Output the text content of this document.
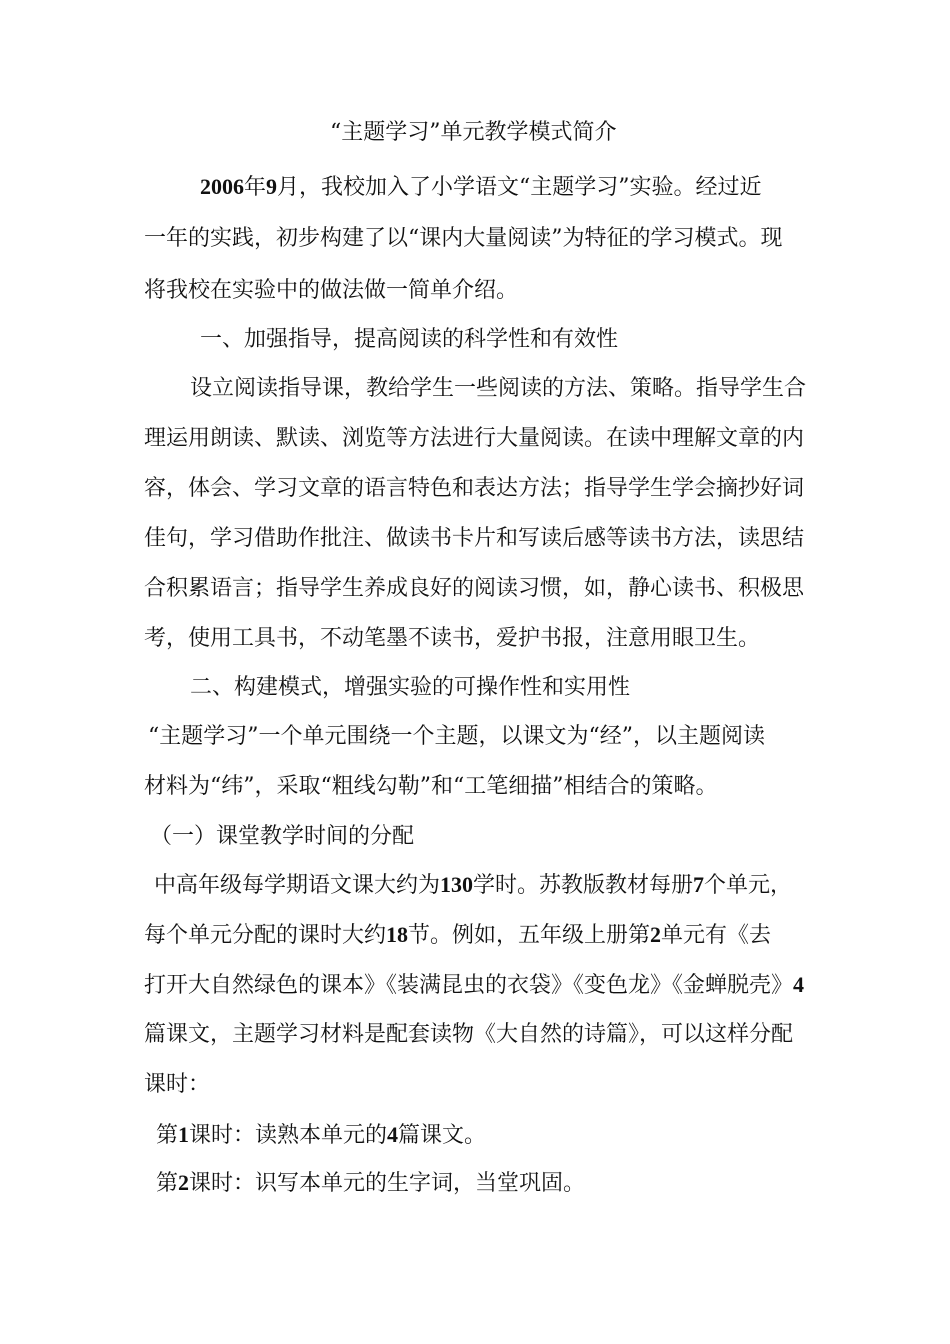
“主题学习”单元教学模式简介

2006年9月，我校加入了小学语文“主题学习”实验。经过近

一年的实践，初步构建了以“课内大量阅读”为特征的学习模式。现

将我校在实验中的做法做一简单介绍。

一、加强指导，提高阅读的科学性和有效性

设立阅读指导课，教给学生一些阅读的方法、策略。指导学生合

理运用朗读、默读、浏览等方法进行大量阅读。在读中理解文章的内

容，体会、学习文章的语言特色和表达方法；指导学生学会摘抄好词

佳句，学习借助作批注、做读书卡片和写读后感等读书方法，读思结

合积累语言；指导学生养成良好的阅读习惯，如，静心读书、积极思

考，使用工具书，不动笔墨不读书，爱护书报，注意用眼卫生。

二、构建模式，增强实验的可操作性和实用性

“主题学习”一个单元围绕一个主题，以课文为“经”，以主题阅读

材料为“纬”，采取“粗线勾勒”和“工笔细描”相结合的策略。

（一）课堂教学时间的分配

中高年级每学期语文课大约为130学时。苏教版教材每册7个单元，

每个单元分配的课时大约18节。例如，五年级上册第2单元有《去

打开大自然绿色的课本》《装满昆虫的衣袋》《变色龙》《金蝉脱壳》4

篇课文，主题学习材料是配套读物《大自然的诗篇》，可以这样分配

课时：

第1课时：读熟本单元的4篇课文。

第2课时：识写本单元的生字词，当堂巩固。
